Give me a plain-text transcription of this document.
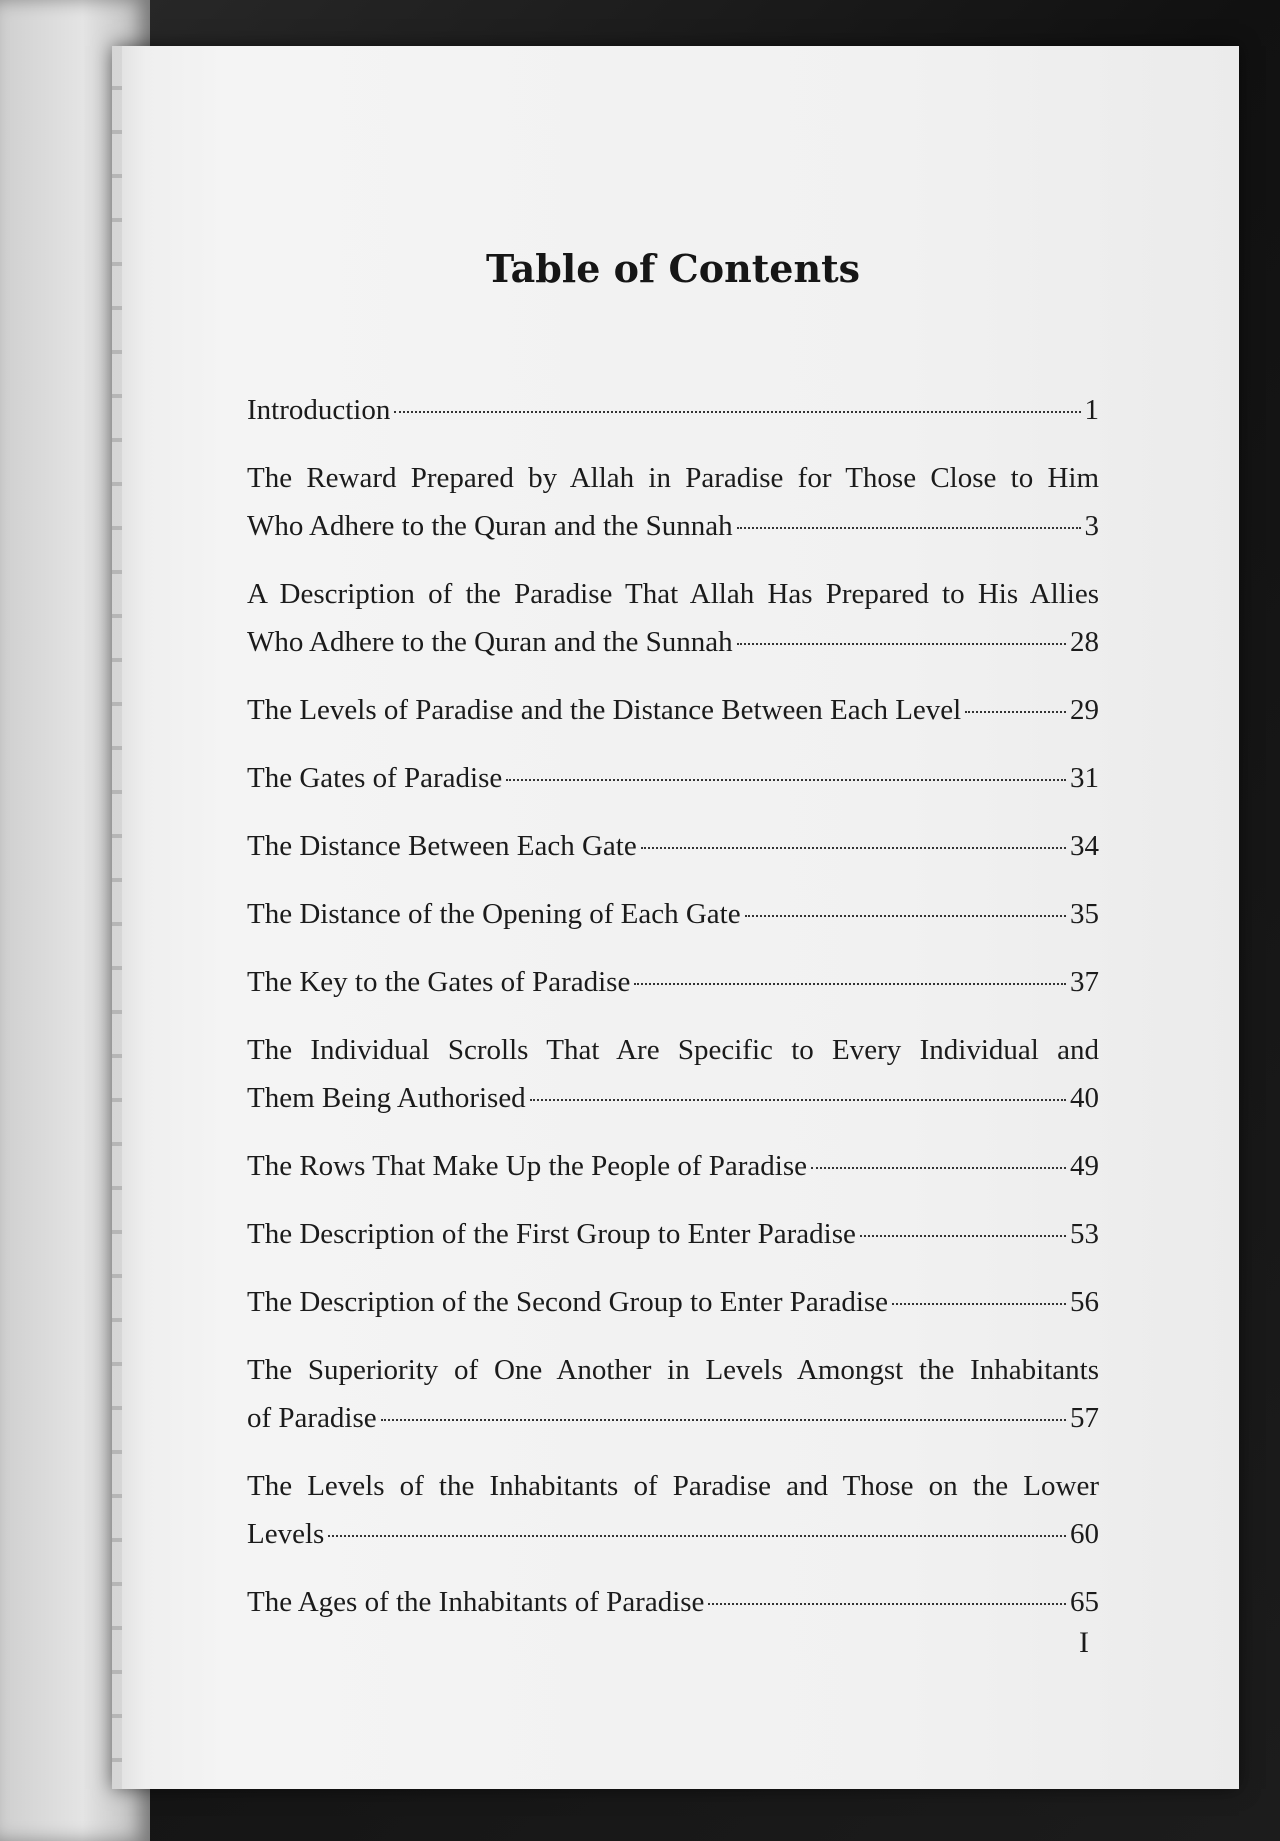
Table of Contents
Introduction	1
The Reward Prepared by Allah in Paradise for Those Close to Him
Who Adhere to the Quran and the Sunnah	3
A Description of the Paradise That Allah Has Prepared to His Allies
Who Adhere to the Quran and the Sunnah	28
The Levels of Paradise and the Distance Between Each Level	29
The Gates of Paradise	31
The Distance Between Each Gate	34
The Distance of the Opening of Each Gate	35
The Key to the Gates of Paradise	37
The Individual Scrolls That Are Specific to Every Individual and
Them Being Authorised	40
The Rows That Make Up the People of Paradise	49
The Description of the First Group to Enter Paradise	53
The Description of the Second Group to Enter Paradise	56
The Superiority of One Another in Levels Amongst the Inhabitants
of Paradise	57
The Levels of the Inhabitants of Paradise and Those on the Lower
Levels	60
The Ages of the Inhabitants of Paradise	65
I
